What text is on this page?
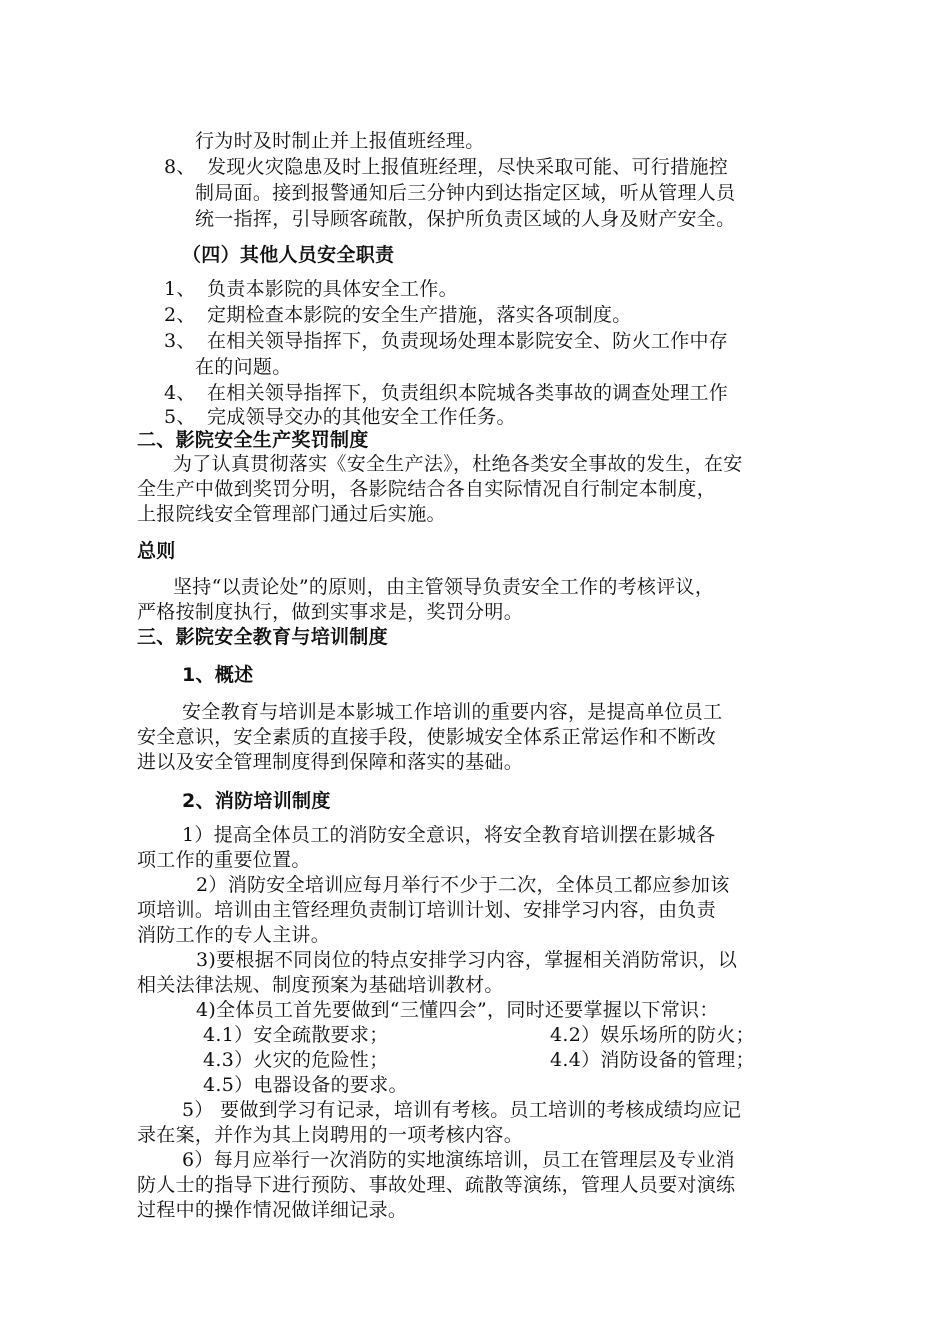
行为时及时制止并上报值班经理。
8、 发现火灾隐患及时上报值班经理，尽快采取可能、可行措施控
制局面。接到报警通知后三分钟内到达指定区域，听从管理人员
统一指挥，引导顾客疏散，保护所负责区域的人身及财产安全。
（四）其他人员安全职责
1、 负责本影院的具体安全工作。
2、 定期检查本影院的安全生产措施，落实各项制度。
3、 在相关领导指挥下，负责现场处理本影院安全、防火工作中存
在的问题。
4、 在相关领导指挥下，负责组织本院城各类事故的调查处理工作
5、 完成领导交办的其他安全工作任务。
二、影院安全生产奖罚制度
为了认真贯彻落实《安全生产法》，杜绝各类安全事故的发生，在安
全生产中做到奖罚分明，各影院结合各自实际情况自行制定本制度，
上报院线安全管理部门通过后实施。
总则
坚持“以责论处”的原则，由主管领导负责安全工作的考核评议，
严格按制度执行，做到实事求是，奖罚分明。
三、影院安全教育与培训制度
1、概述
安全教育与培训是本影城工作培训的重要内容，是提高单位员工
安全意识，安全素质的直接手段，使影城安全体系正常运作和不断改
进以及安全管理制度得到保障和落实的基础。
2、消防培训制度
1）提高全体员工的消防安全意识，将安全教育培训摆在影城各
项工作的重要位置。
2）消防安全培训应每月举行不少于二次，全体员工都应参加该
项培训。培训由主管经理负责制订培训计划、安排学习内容，由负责
消防工作的专人主讲。
3)要根据不同岗位的特点安排学习内容，掌握相关消防常识，以
相关法律法规、制度预案为基础培训教材。
4)全体员工首先要做到“三懂四会”，同时还要掌握以下常识：
4.1）安全疏散要求；	4.2）娱乐场所的防火；
4.3）火灾的危险性；	4.4）消防设备的管理；
4.5）电器设备的要求。
5） 要做到学习有记录，培训有考核。员工培训的考核成绩均应记
录在案，并作为其上岗聘用的一项考核内容。
6）每月应举行一次消防的实地演练培训，员工在管理层及专业消
防人士的指导下进行预防、事故处理、疏散等演练，管理人员要对演练
过程中的操作情况做详细记录。
